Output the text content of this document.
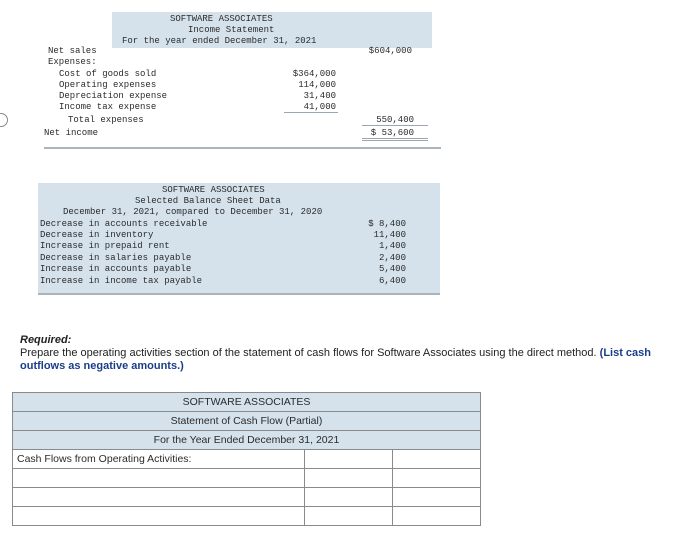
SOFTWARE ASSOCIATES
Income Statement
For the year ended December 31, 2021
Net sales	$604,000
Expenses:
Cost of goods sold	$364,000
Operating expenses	114,000
Depreciation expense	31,400
Income tax expense	41,000
Total expenses	550,400
Net income	$ 53,600
SOFTWARE ASSOCIATES
Selected Balance Sheet Data
December 31, 2021, compared to December 31, 2020
Decrease in accounts receivable	$ 8,400
Decrease in inventory	11,400
Increase in prepaid rent	1,400
Decrease in salaries payable	2,400
Increase in accounts payable	5,400
Increase in income tax payable	6,400
Required:
Prepare the operating activities section of the statement of cash flows for Software Associates using the direct method. (List cash outflows as negative amounts.)
SOFTWARE ASSOCIATES		
Statement of Cash Flow (Partial)		
For the Year Ended December 31, 2021		
Cash Flows from Operating Activities:		
